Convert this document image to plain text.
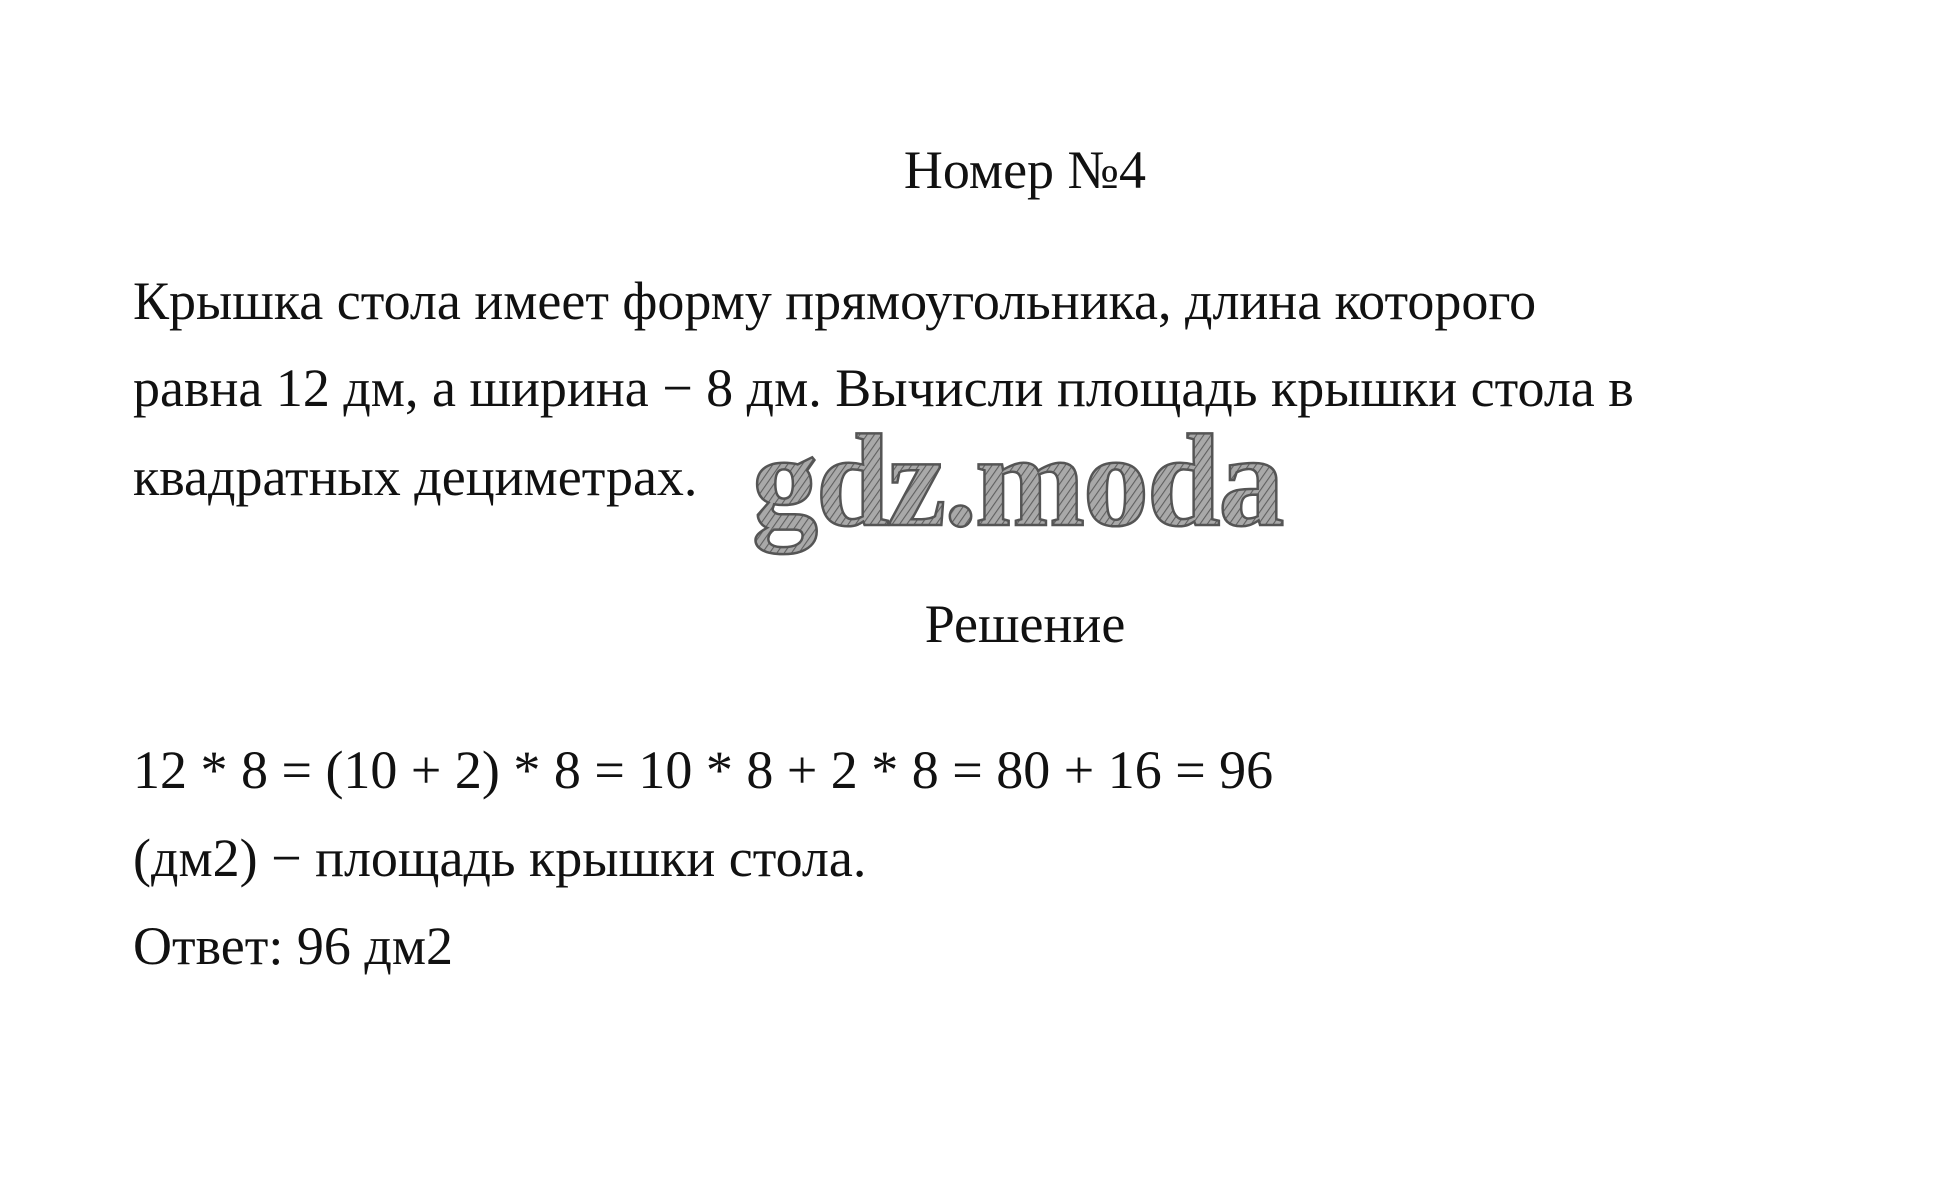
Номер №4
Крышка стола имеет форму прямоугольника, длина которого
равна 12 дм, а ширина − 8 дм. Вычисли площадь крышки стола в
квадратных дециметрах. gdz.moda
Решение
12 * 8 = (10 + 2) * 8 = 10 * 8 + 2 * 8 = 80 + 16 = 96
(дм2) − площадь крышки стола.
Ответ: 96 дм2
